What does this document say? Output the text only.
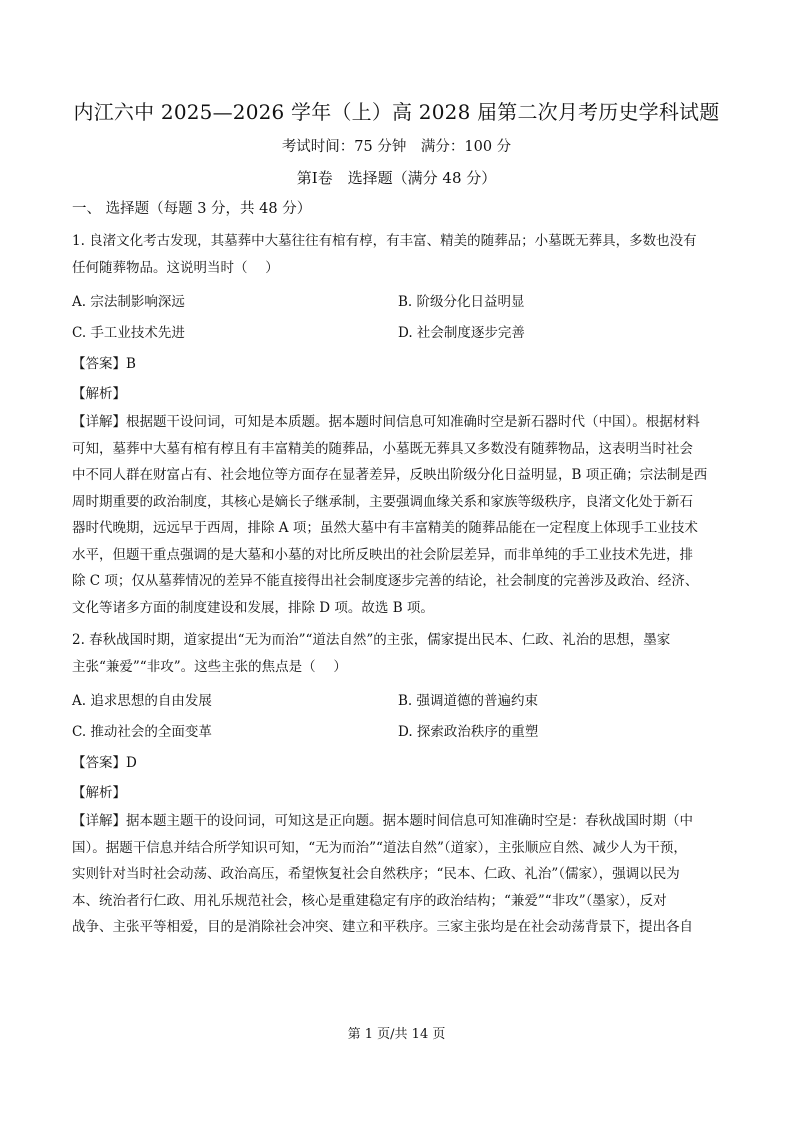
内江六中 2025—2026 学年（上）高 2028 届第二次月考历史学科试题
考试时间：75 分钟　满分：100 分
第Ⅰ卷　选择题（满分 48 分）
一、 选择题（每题 3 分，共 48 分）
1. 良渚文化考古发现，其墓葬中大墓往往有棺有椁，有丰富、精美的随葬品；小墓既无葬具，多数也没有
任何随葬物品。这说明当时（　 ）
A. 宗法制影响深远	B. 阶级分化日益明显
C. 手工业技术先进	D. 社会制度逐步完善
【答案】B
【解析】
【详解】根据题干设问词，可知是本质题。据本题时间信息可知准确时空是新石器时代（中国）。根据材料
可知，墓葬中大墓有棺有椁且有丰富精美的随葬品，小墓既无葬具又多数没有随葬物品，这表明当时社会
中不同人群在财富占有、社会地位等方面存在显著差异，反映出阶级分化日益明显，B 项正确；宗法制是西
周时期重要的政治制度，其核心是嫡长子继承制，主要强调血缘关系和家族等级秩序，良渚文化处于新石
器时代晚期，远远早于西周，排除 A 项；虽然大墓中有丰富精美的随葬品能在一定程度上体现手工业技术
水平，但题干重点强调的是大墓和小墓的对比所反映出的社会阶层差异，而非单纯的手工业技术先进，排
除 C 项；仅从墓葬情况的差异不能直接得出社会制度逐步完善的结论，社会制度的完善涉及政治、经济、
文化等诸多方面的制度建设和发展，排除 D 项。故选 B 项。
2. 春秋战国时期，道家提出“无为而治”“道法自然”的主张，儒家提出民本、仁政、礼治的思想，墨家
主张“兼爱”“非攻”。这些主张的焦点是（　 ）
A. 追求思想的自由发展	B. 强调道德的普遍约束
C. 推动社会的全面变革	D. 探索政治秩序的重塑
【答案】D
【解析】
【详解】据本题主题干的设问词，可知这是正向题。据本题时间信息可知准确时空是：春秋战国时期（中
国）。据题干信息并结合所学知识可知，“无为而治”“道法自然”（道家），主张顺应自然、减少人为干预，
实则针对当时社会动荡、政治高压，希望恢复社会自然秩序；“民本、仁政、礼治”（儒家），强调以民为
本、统治者行仁政、用礼乐规范社会，核心是重建稳定有序的政治结构；“兼爱”“非攻”（墨家），反对
战争、主张平等相爱，目的是消除社会冲突、建立和平秩序。三家主张均是在社会动荡背景下，提出各自
第 1 页/共 14 页
